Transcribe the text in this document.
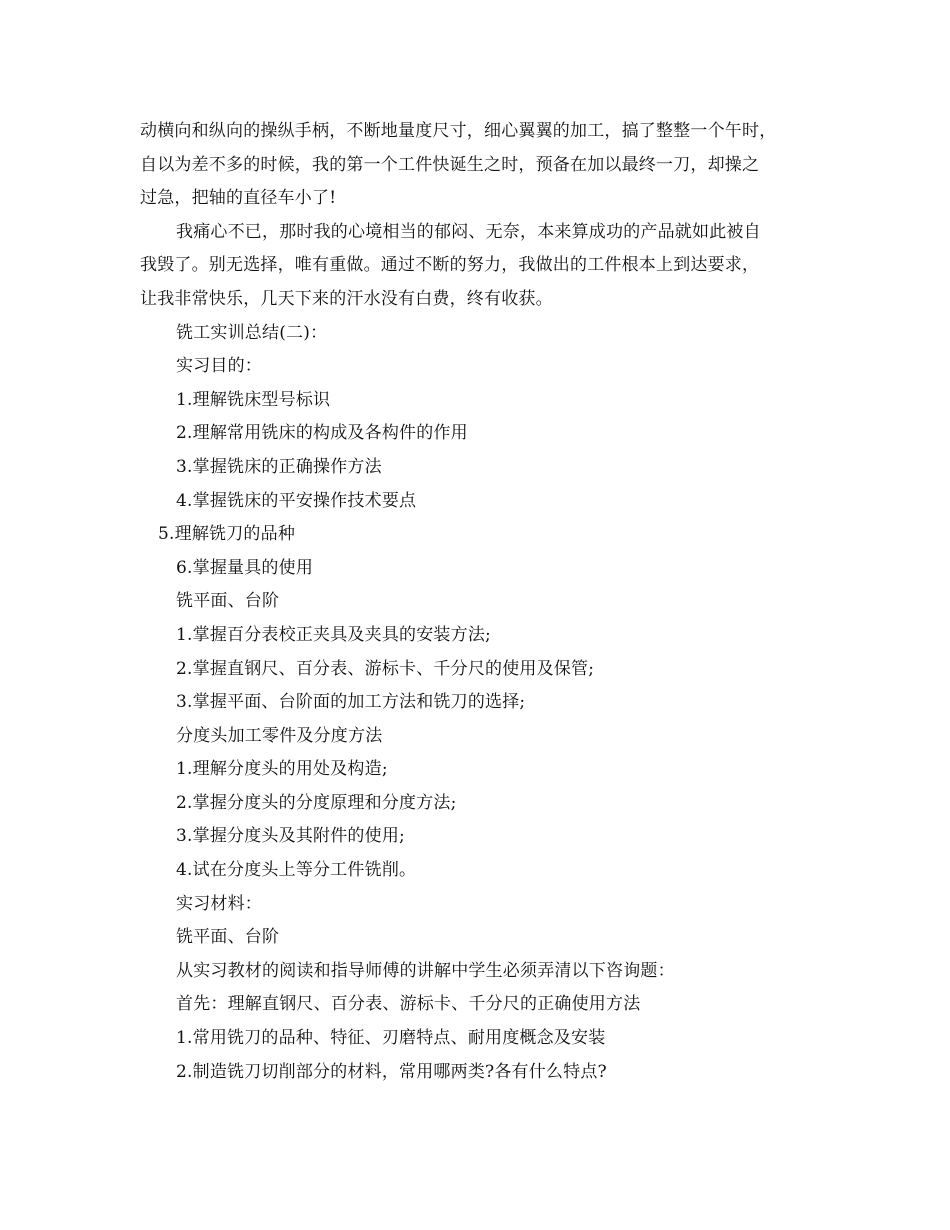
动横向和纵向的操纵手柄，不断地量度尺寸，细心翼翼的加工，搞了整整一个午时，
自以为差不多的时候，我的第一个工件快诞生之时，预备在加以最终一刀，却操之
过急，把轴的直径车小了!
我痛心不已，那时我的心境相当的郁闷、无奈，本来算成功的产品就如此被自
我毁了。别无选择，唯有重做。通过不断的努力，我做出的工件根本上到达要求，
让我非常快乐，几天下来的汗水没有白费，终有收获。
铣工实训总结(二)：
实习目的：
1.理解铣床型号标识
2.理解常用铣床的构成及各构件的作用
3.掌握铣床的正确操作方法
4.掌握铣床的平安操作技术要点
5.理解铣刀的品种
6.掌握量具的使用
铣平面、台阶
1.掌握百分表校正夹具及夹具的安装方法;
2.掌握直钢尺、百分表、游标卡、千分尺的使用及保管;
3.掌握平面、台阶面的加工方法和铣刀的选择;
分度头加工零件及分度方法
1.理解分度头的用处及构造;
2.掌握分度头的分度原理和分度方法;
3.掌握分度头及其附件的使用;
4.试在分度头上等分工件铣削。
实习材料：
铣平面、台阶
从实习教材的阅读和指导师傅的讲解中学生必须弄清以下咨询题：
首先：理解直钢尺、百分表、游标卡、千分尺的正确使用方法
1.常用铣刀的品种、特征、刃磨特点、耐用度概念及安装
2.制造铣刀切削部分的材料，常用哪两类?各有什么特点?
